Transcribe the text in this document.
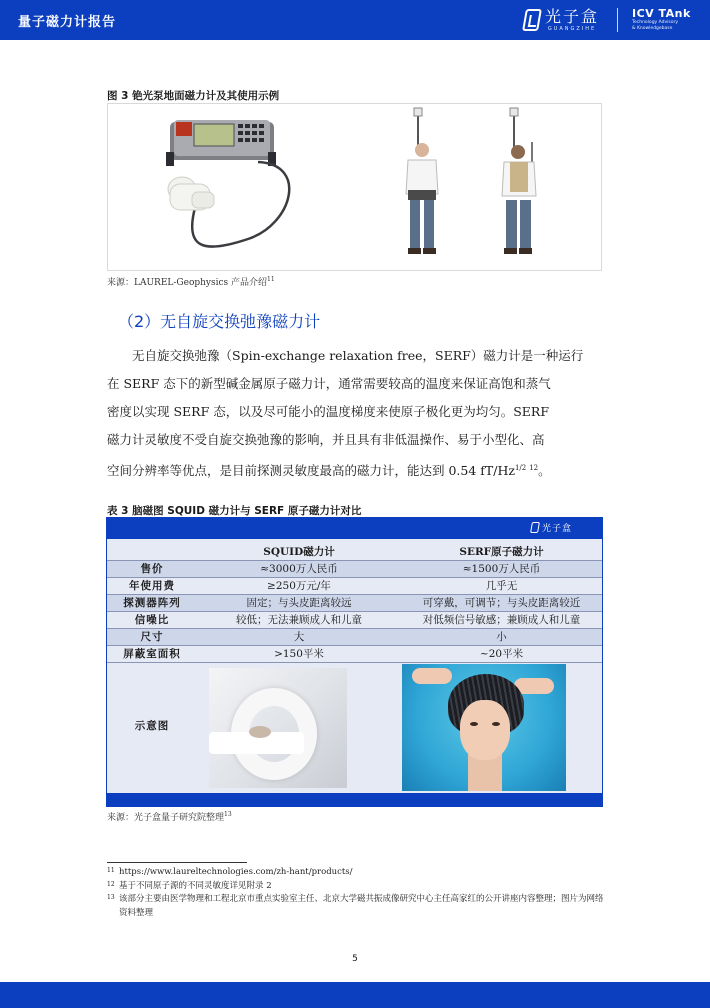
量子磁力计报告	光子盒
GUANGZIHE
ICV TAnk
Technology Advisory
& Knowledgebase
图 3 铯光泵地面磁力计及其使用示例
来源：LAUREL-Geophysics 产品介绍$^{11}$
（2）无自旋交换弛豫磁力计
无自旋交换弛豫（Spin-exchange relaxation free，SERF）磁力计是一种运行
在 SERF 态下的新型碱金属原子磁力计，通常需要较高的温度来保证高饱和蒸气
密度以实现 SERF 态，以及尽可能小的温度梯度来使原子极化更为均匀。SERF
磁力计灵敏度不受自旋交换弛豫的影响，并且具有非低温操作、易于小型化、高
空间分辨率等优点，是目前探测灵敏度最高的磁力计，能达到 0.54 $fT/Hz^{1/2}$ $^{12}$。
表 3 脑磁图 SQUID 磁力计与 SERF 原子磁力计对比
光子盒
SQUID磁力计	SERF原子磁力计
售价	≈3000万人民币	≈1500万人民币
年使用费	≥250万元/年	几乎无
探测器阵列	固定；与头皮距离较远	可穿戴，可调节；与头皮距离较近
信噪比	较低；无法兼顾成人和儿童	对低频信号敏感；兼顾成人和儿童
尺寸	大	小
屏蔽室面积	>150平米	~20平米
示意图
来源：光子盒量子研究院整理$^{13}$
11 https://www.laureltechnologies.com/zh-hant/products/
12 基于不同原子源的不同灵敏度详见附录 2
13 该部分主要由医学物理和工程北京市重点实验室主任、北京大学磁共振成像研究中心主任高家红的公开讲座内容整理；图片为网络资料整理
5
